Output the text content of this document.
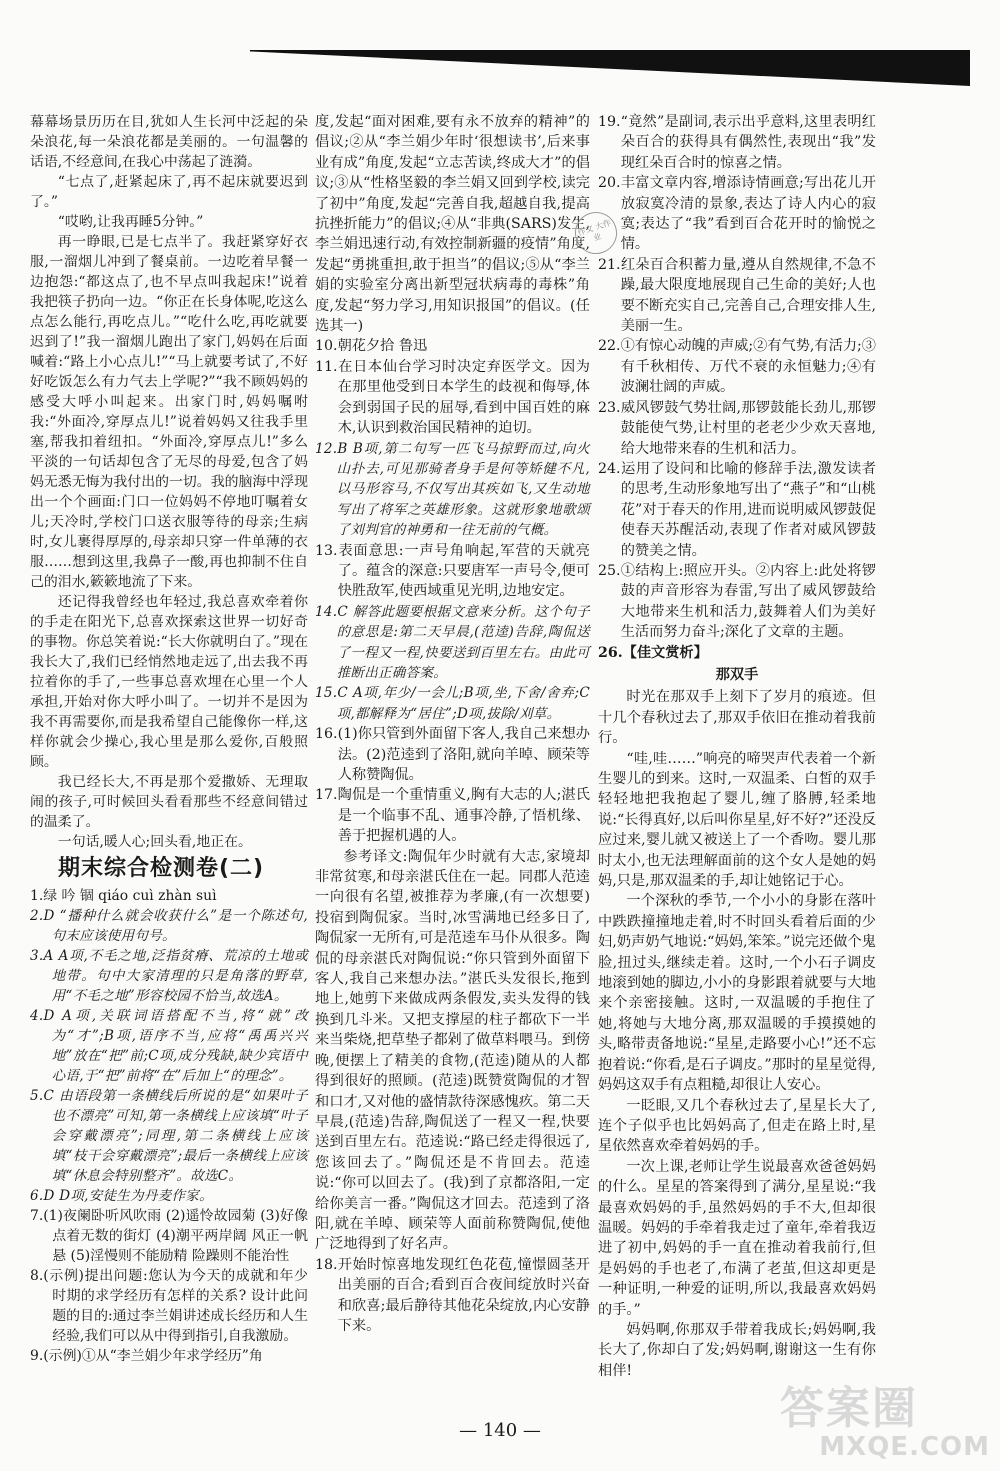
幕幕场景历历在目,犹如人生长河中泛起的朵朵浪花,每一朵浪花都是美丽的。一句温馨的话语,不经意间,在我心中荡起了涟漪。

“七点了,赶紧起床了,再不起床就要迟到了。”

“哎哟,让我再睡5分钟。”

再一睁眼,已是七点半了。我赶紧穿好衣服,一溜烟儿冲到了餐桌前。一边吃着早餐一边抱怨:“都这点了,也不早点叫我起床!”说着我把筷子扔向一边。“你正在长身体呢,吃这么点怎么能行,再吃点儿。”“吃什么吃,再吃就要迟到了!”我一溜烟儿跑出了家门,妈妈在后面喊着:“路上小心点儿!”“马上就要考试了,不好好吃饭怎么有力气去上学呢?”“我不顾妈妈的感受大呼小叫起来。出家门时,妈妈嘱咐我:“外面冷,穿厚点儿!”说着妈妈又往我手里塞,帮我扣着纽扣。“外面冷,穿厚点儿!”多么平淡的一句话却包含了无尽的母爱,包含了妈妈无悉无悔为我付出的一切。我的脑海中浮现出一个个画面:门口一位妈妈不停地叮嘱着女儿;天冷时,学校门口送衣服等待的母亲;生病时,女儿裹得厚厚的,母亲却只穿一件单薄的衣服……想到这里,我鼻子一酸,再也抑制不住自己的泪水,簌簌地流了下来。

还记得我曾经也年轻过,我总喜欢牵着你的手走在阳光下,总喜欢探索这世界一切好奇的事物。你总笑着说:“长大你就明白了。”现在我长大了,我们已经悄然地走远了,出去我不再拉着你的手了,一些事总喜欢埋在心里一个人承担,开始对你大呼小叫了。一切并不是因为我不再需要你,而是我希望自己能像你一样,这样你就会少操心,我心里是那么爱你,百般照顾。

我已经长大,不再是那个爱撒娇、无理取闹的孩子,可时候回头看看那些不经意间错过的温柔了。

一句话,暖人心;回头看,地正在。

期末综合检测卷(二)

1.绿 吟 锢 qiáo cuì zhàn suì

2.D “播种什么就会收获什么”是一个陈述句,句末应该使用句号。

3.A A项,不毛之地,泛指贫瘠、荒凉的土地或地带。句中大家清理的只是角落的野草,用“不毛之地”形容校园不恰当,故选A。

4.D A项,关联词语搭配不当,将“就”改为“才”;B项,语序不当,应将“禹禹兴兴地”放在“把”前;C项,成分残缺,缺少宾语中心语,于“把”前将“在”后加上“的理念”。

5.C 由语段第一条横线后所说的是“如果叶子也不漂亮”可知,第一条横线上应该填“叶子会穿戴漂亮”;同理,第二条横线上应该填“枝干会穿戴漂亮”;最后一条横线上应该填“休息会特别整齐”。故选C。

6.D D项,安徒生为丹麦作家。

7.(1)夜阑卧听风吹雨 (2)遥怜故园菊 (3)好像点着无数的街灯 (4)潮平两岸阔 风正一帆悬 (5)淫慢则不能励精 险躁则不能治性

8.(示例)提出问题:您认为今天的成就和年少时期的求学经历有怎样的关系? 设计此问题的目的:通过李兰娟讲述成长经历和人生经验,我们可以从中得到指引,自我激励。

9.(示例)①从“李兰娟少年求学经历”角

度,发起“面对困难,要有永不放弃的精神”的倡议;②从“李兰娟少年时‘很想读书’,后来事业有成”角度,发起“立志苦读,终成大才”的倡议;③从“性格坚毅的李兰娟又回到学校,读完了初中”角度,发起“完善自我,超越自我,提高抗挫折能力”的倡议;④从“非典(SARS)发生,李兰娟迅速行动,有效控制新疆的疫情”角度,发起“勇挑重担,敢于担当”的倡议;⑤从“李兰娟的实验室分离出新型冠状病毒的毒株”角度,发起“努力学习,用知识报国”的倡议。(任选其一)

10.朝花夕拾 鲁迅

11.在日本仙台学习时决定弃医学文。因为在那里他受到日本学生的歧视和侮辱,体会到弱国子民的屈辱,看到中国百姓的麻木,认识到救治国民精神的迫切。

12.B B项,第二句写一匹飞马掠野而过,向火山扑去,可见那骑者身手是何等矫健不凡,以马形容马,不仅写出其疾如飞,又生动地写出了将军之英雄形象。这就形象地歌颂了刘判官的神勇和一往无前的气概。

13.表面意思:一声号角响起,军营的天就亮了。蕴含的深意:只要唐军一声号令,便可快胜敌军,使西域重见光明,边地安定。

14.C 解答此题要根据文意来分析。这个句子的意思是:第二天早晨,(范逵)告辞,陶侃送了一程又一程,快要送到百里左右。由此可推断出正确答案。

15.C A项,年少/一会儿;B项,坐,下舍/舍弃;C项,都解释为“居住”;D项,拔除/刈草。

16.(1)你只管到外面留下客人,我自己来想办法。(2)范逵到了洛阳,就向羊晫、顾荣等人称赞陶侃。

17.陶侃是一个重情重义,胸有大志的人;湛氏是一个临事不乱、通事冷静,了悟机缘、善于把握机遇的人。

参考译文:陶侃年少时就有大志,家境却非常贫寒,和母亲湛氏住在一起。同郡人范逵一向很有名望,被推荐为孝廉,(有一次想要)投宿到陶侃家。当时,冰雪满地已经多日了,陶侃家一无所有,可是范逵车马仆从很多。陶侃的母亲湛氏对陶侃说:“你只管到外面留下客人,我自己来想办法。”湛氏头发很长,拖到地上,她剪下来做成两条假发,卖头发得的钱换到几斗米。又把支撑屋的柱子都砍下一半来当柴烧,把草垫子都剁了做草料喂马。到傍晚,便摆上了精美的食物,(范逵)随从的人都得到很好的照顾。(范逵)既赞赏陶侃的才智和口才,又对他的盛情款待深感愧疚。第二天早晨,(范逵)告辞,陶侃送了一程又一程,快要送到百里左右。范逵说:“路已经走得很远了,您该回去了。”陶侃还是不肯回去。范逵说:“你可以回去了。(我)到了京都洛阳,一定给你美言一番。”陶侃这才回去。范逵到了洛阳,就在羊晫、顾荣等人面前称赞陶侃,使他广泛地得到了好名声。

18.开始时惊喜地发现红色花苞,憧憬圆茎开出美丽的百合;看到百合夜间绽放时兴奋和欣喜;最后静待其他花朵绽放,内心安静下来。

19.“竟然”是副词,表示出乎意料,这里表明红朵百合的获得具有偶然性,表现出“我”发现红朵百合时的惊喜之情。

20.丰富文章内容,增添诗情画意;写出花儿开放寂寞冷清的景象,表达了诗人内心的寂寞;表达了“我”看到百合花开时的愉悦之情。

21.红朵百合积蓄力量,遵从自然规律,不急不躁,最大限度地展现自己生命的美好;人也要不断充实自己,完善自己,合理安排人生,美丽一生。

22.①有惊心动魄的声威;②有气势,有活力;③有千秋相传、万代不衰的永恒魅力;④有波澜壮阔的声威。

23.威风锣鼓气势壮阔,那锣鼓能长劲儿,那锣鼓能使气势,让村里的老老少少欢天喜地,给大地带来春的生机和活力。

24.运用了设问和比喻的修辞手法,激发读者的思考,生动形象地写出了“燕子”和“山桃花”对于春天的作用,进而说明威风锣鼓促使春天苏醒活动,表现了作者对威风锣鼓的赞美之情。

25.①结构上:照应开头。②内容上:此处将锣鼓的声音形容为春雷,写出了威风锣鼓给大地带来生机和活力,鼓舞着人们为美好生活而努力奋斗;深化了文章的主题。

26.【佳文赏析】

那双手

时光在那双手上刻下了岁月的痕迹。但十几个春秋过去了,那双手依旧在推动着我前行。

“哇,哇……”响亮的啼哭声代表着一个新生婴儿的到来。这时,一双温柔、白皙的双手轻轻地把我抱起了婴儿,缠了胳膊,轻柔地说:“长得真好,以后叫你星星,好不好?”还没反应过来,婴儿就又被送上了一个香吻。婴儿那时太小,也无法理解面前的这个女人是她的妈妈,只是,那双温柔的手,却让她铭记于心。

一个深秋的季节,一个小小的身影在落叶中跌跌撞撞地走着,时不时回头看着后面的少妇,奶声奶气地说:“妈妈,笨笨。”说完还做个鬼脸,扭过头,继续走着。这时,一个小石子调皮地滚到她的脚边,小小的身影跟着就要与大地来个亲密接触。这时,一双温暖的手抱住了她,将她与大地分离,那双温暖的手摸摸她的头,略带责备地说:“星星,走路要小心!”还不忘抱着说:“你看,是石子调皮。”那时的星星觉得,妈妈这双手有点粗糙,却很让人安心。

一眨眼,又几个春秋过去了,星星长大了,连个子似乎也比妈妈高了,但走在路上时,星星依然喜欢牵着妈妈的手。

一次上课,老师让学生说最喜欢爸爸妈妈的什么。星星的答案得到了满分,星星说:“我最喜欢妈妈的手,虽然妈妈的手不大,但却很温暖。妈妈的手牵着我走过了童年,牵着我迈进了初中,妈妈的手一直在推动着我前行,但是妈妈的手也老了,布满了老茧,但这却更是一种证明,一种爱的证明,所以,我最喜欢妈妈的手。”

妈妈啊,你那双手带着我成长;妈妈啊,我长大了,你却白了发;妈妈啊,谢谢这一生有你相伴!

作文 大作业
— 140 —	答案圈
MXQE.COM
